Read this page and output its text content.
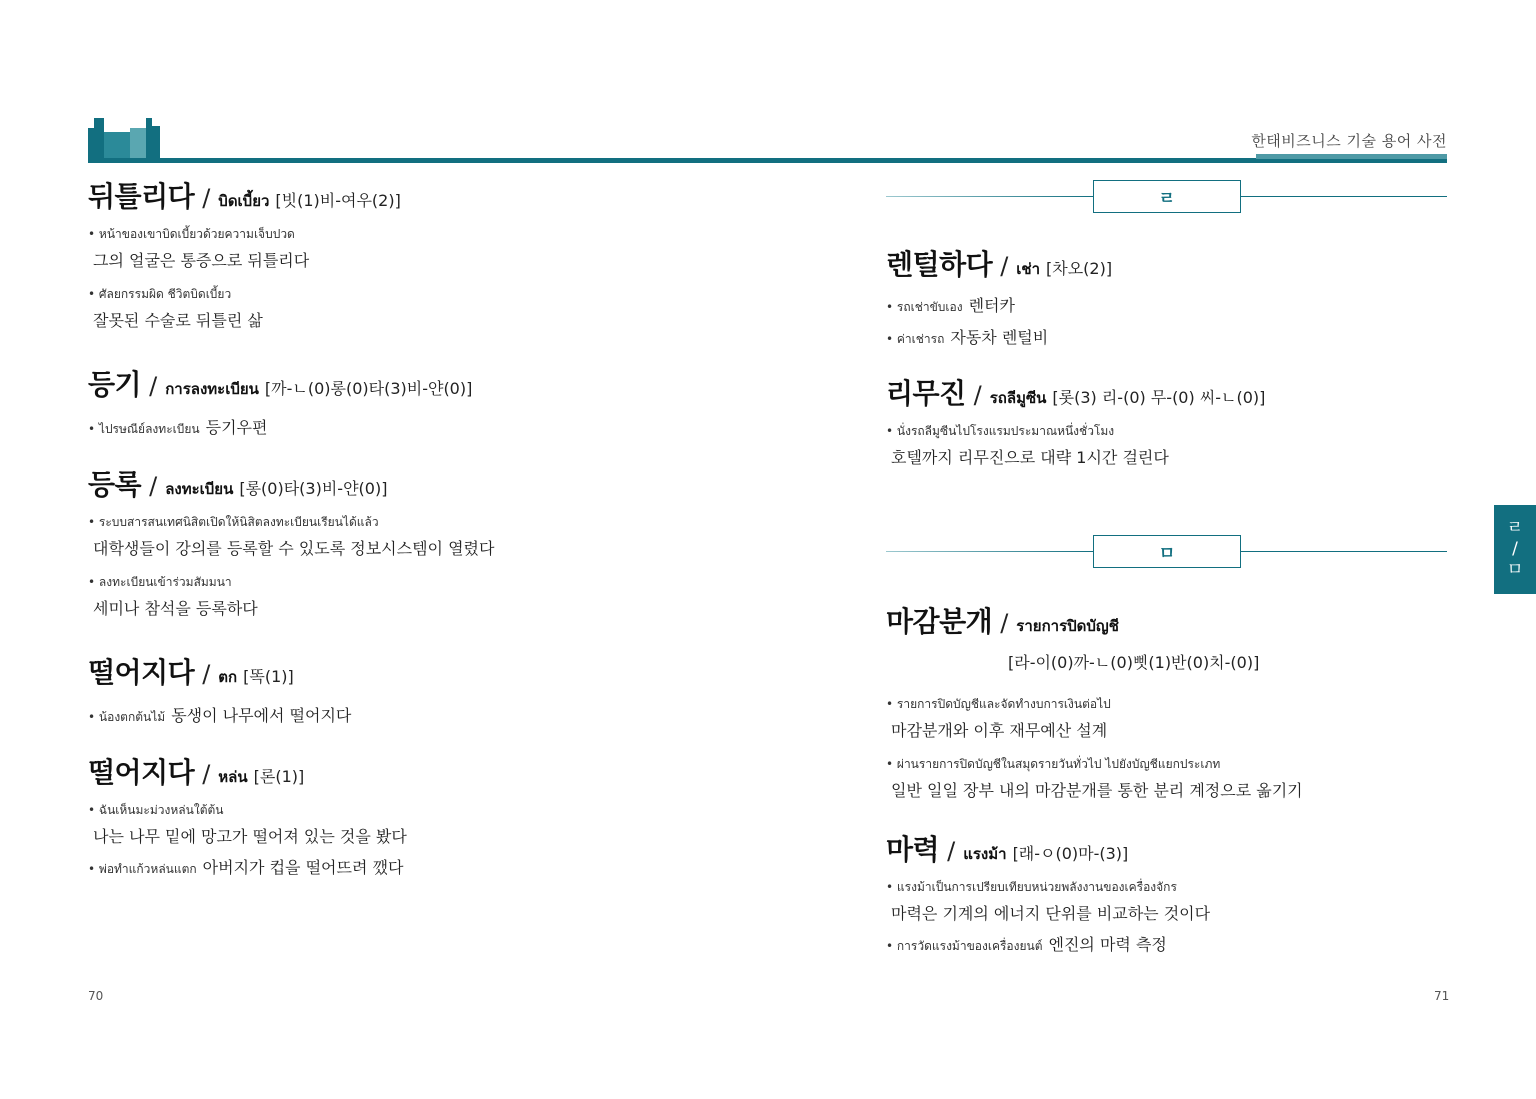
한태비즈니스 기술 용어 사전
뒤틀리다 / บิดเบี้ยว [빗(1)비-여우(2)]
• หน้าของเขาบิดเบี้ยวด้วยความเจ็บปวด
그의 얼굴은 통증으로 뒤틀리다
• ศัลยกรรมผิด ชีวิตบิดเบี้ยว
잘못된 수술로 뒤틀린 삶
등기 / การลงทะเบียน [까-ㄴ(0)롱(0)타(3)비-얀(0)]
• ไปรษณีย์ลงทะเบียน 등기우편
등록 / ลงทะเบียน [롱(0)타(3)비-얀(0)]
• ระบบสารสนเทศนิสิตเปิดให้นิสิตลงทะเบียนเรียนได้แล้ว
대학생들이 강의를 등록할 수 있도록 정보시스템이 열렸다
• ลงทะเบียนเข้าร่วมสัมมนา
세미나 참석을 등록하다
떨어지다 / ตก [똑(1)]
• น้องตกต้นไม้ 동생이 나무에서 떨어지다
떨어지다 / หล่น [론(1)]
• ฉันเห็นมะม่วงหล่นใต้ต้น
나는 나무 밑에 망고가 떨어져 있는 것을 봤다
• พ่อทำแก้วหล่นแตก 아버지가 컵을 떨어뜨려 깼다
70
ㄹ
렌털하다 / เช่า [차오(2)]
• รถเช่าขับเอง 렌터카
• ค่าเช่ารถ 자동차 렌털비
리무진 / รถลีมูซีน [롯(3) 리-(0) 무-(0) 씨-ㄴ(0)]
• นั่งรถลีมูซีนไปโรงแรมประมาณหนึ่งชั่วโมง
호텔까지 리무진으로 대략 1시간 걸린다
ㅁ
마감분개 / รายการปิดบัญชี
[라-이(0)까-ㄴ(0)삣(1)반(0)치-(0)]
• รายการปิดบัญชีและจัดทำงบการเงินต่อไป
마감분개와 이후 재무예산 설계
• ผ่านรายการปิดบัญชีในสมุดรายวันทั่วไป ไปยังบัญชีแยกประเภท
일반 일일 장부 내의 마감분개를 통한 분리 계정으로 옮기기
마력 / แรงม้า [래-ㅇ(0)마-(3)]
• แรงม้าเป็นการเปรียบเทียบหน่วยพลังงานของเครื่องจักร
마력은 기계의 에너지 단위를 비교하는 것이다
• การวัดแรงม้าของเครื่องยนต์ 엔진의 마력 측정
71
ㄹ
/
ㅁ
